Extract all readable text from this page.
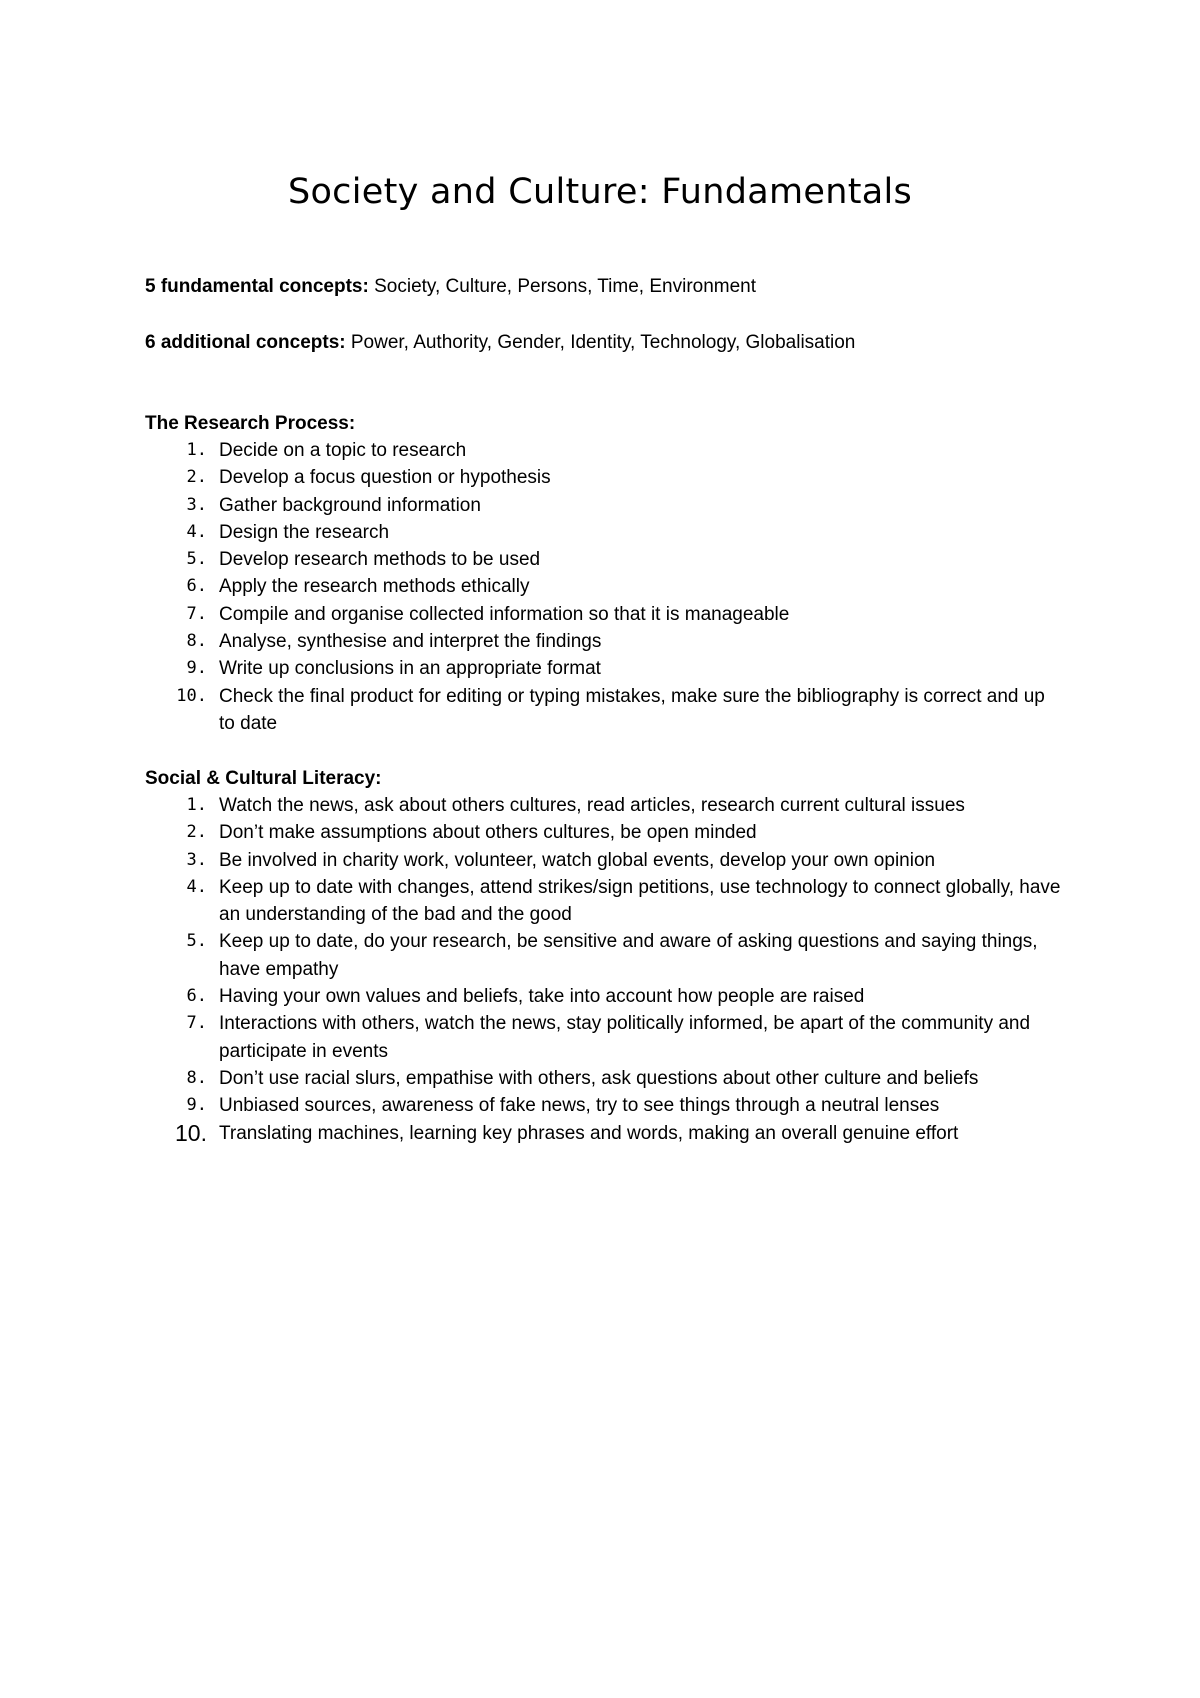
Society and Culture: Fundamentals

5 fundamental concepts: Society, Culture, Persons, Time, Environment

6 additional concepts: Power, Authority, Gender, Identity, Technology, Globalisation

The Research Process:

1. Decide on a topic to research
2. Develop a focus question or hypothesis
3. Gather background information
4. Design the research
5. Develop research methods to be used
6. Apply the research methods ethically
7. Compile and organise collected information so that it is manageable
8. Analyse, synthesise and interpret the findings
9. Write up conclusions in an appropriate format
10. Check the final product for editing or typing mistakes, make sure the bibliography is correct and up to date

Social & Cultural Literacy:

1. Watch the news, ask about others cultures, read articles, research current cultural issues
2. Don’t make assumptions about others cultures, be open minded
3. Be involved in charity work, volunteer, watch global events, develop your own opinion
4. Keep up to date with changes, attend strikes/sign petitions, use technology to connect globally, have an understanding of the bad and the good
5. Keep up to date, do your research, be sensitive and aware of asking questions and saying things, have empathy
6. Having your own values and beliefs, take into account how people are raised
7. Interactions with others, watch the news, stay politically informed, be apart of the community and participate in events
8. Don’t use racial slurs, empathise with others, ask questions about other culture and beliefs
9. Unbiased sources, awareness of fake news, try to see things through a neutral lenses
10. Translating machines, learning key phrases and words, making an overall genuine effort
